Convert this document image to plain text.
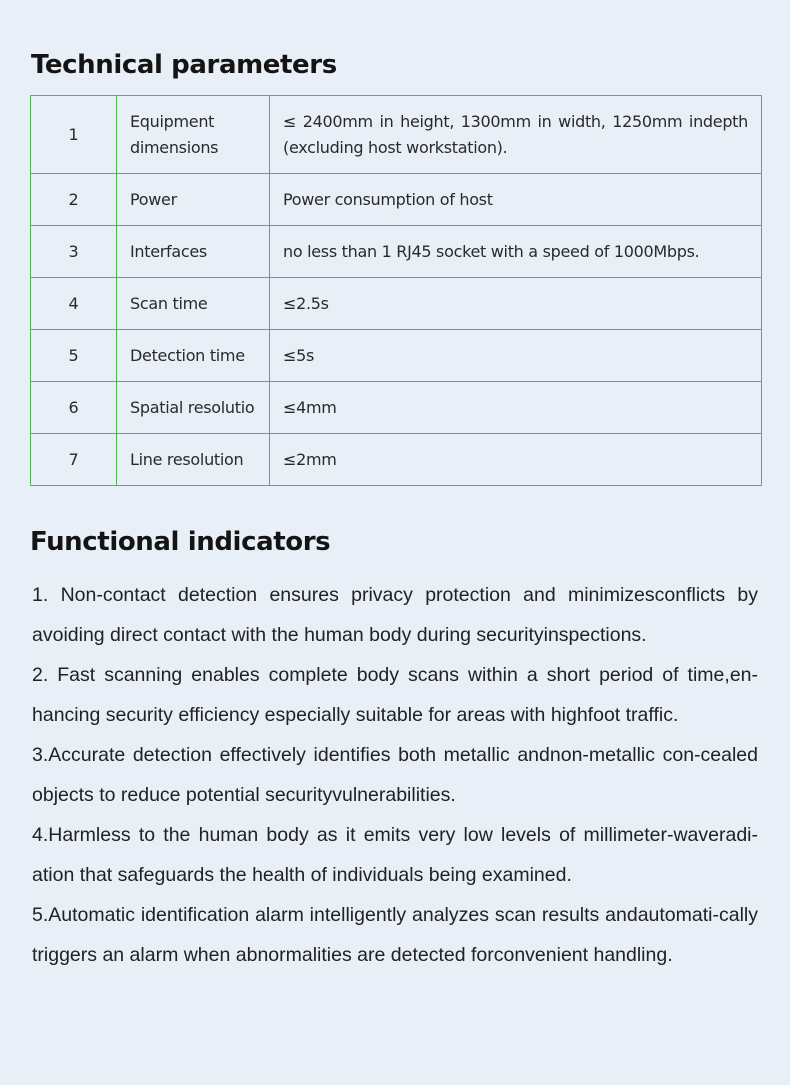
Technical parameters
1	Equipment dimensions	≤ 2400mm in height, 1300mm in width, 1250mm indepth (excluding host workstation).
2	Power	Power consumption of host
3	Interfaces	no less than 1 RJ45 socket with a speed of 1000Mbps.
4	Scan time	≤2.5s
5	Detection time	≤5s
6	Spatial resolutio	≤4mm
7	Line resolution	≤2mm
Functional indicators

1. Non-contact detection ensures privacy protection and minimizesconflicts by avoiding direct contact with the human body during securityinspections.

2. Fast scanning enables complete body scans within a short period of time,en-hancing security efficiency especially suitable for areas with highfoot traffic.

3.Accurate detection effectively identifies both metallic andnon-metallic con-cealed objects to reduce potential securityvulnerabilities.

4.Harmless to the human body as it emits very low levels of millimeter-waveradi-ation that safeguards the health of individuals being examined.

5.Automatic identification alarm intelligently analyzes scan results andautomati-cally triggers an alarm when abnormalities are detected forconvenient handling.
